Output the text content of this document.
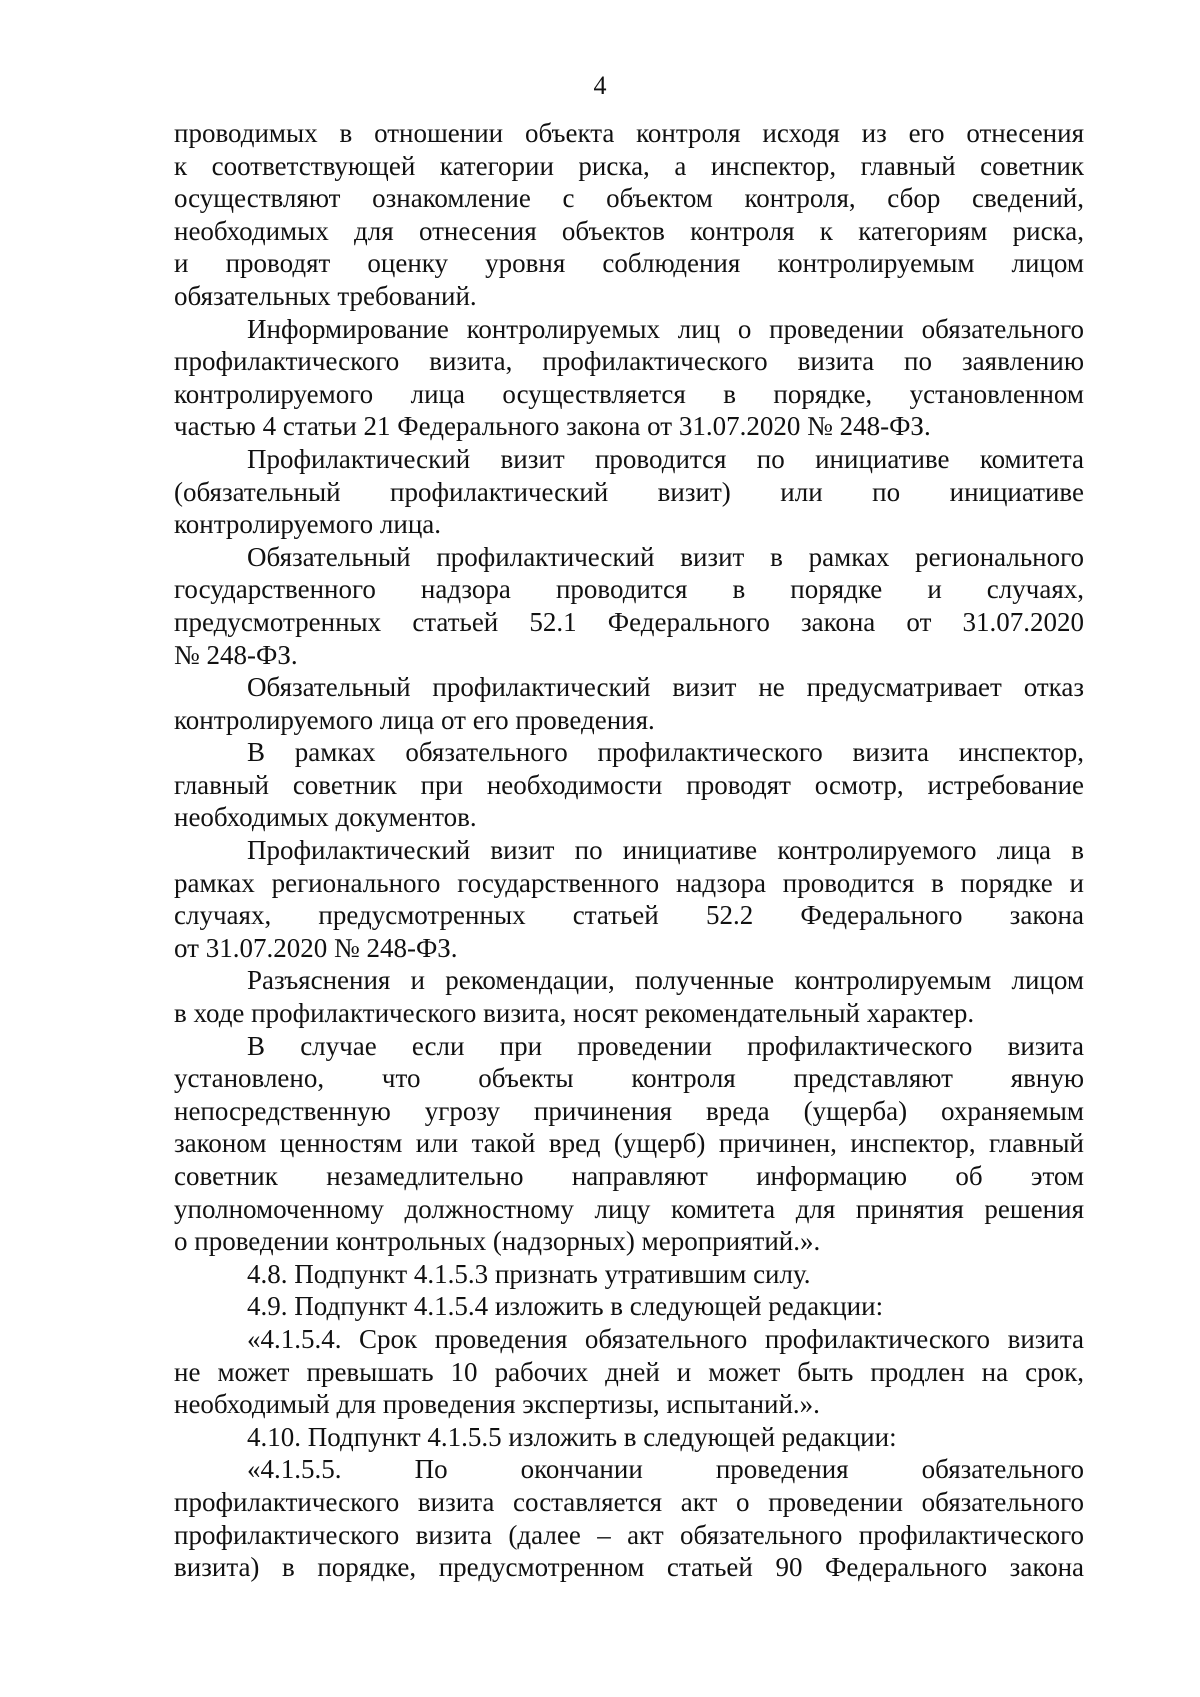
4
проводимых в отношении объекта контроля исходя из его отнесения
к соответствующей категории риска, а инспектор, главный советник
осуществляют ознакомление с объектом контроля, сбор сведений,
необходимых для отнесения объектов контроля к категориям риска,
и проводят оценку уровня соблюдения контролируемым лицом
обязательных требований.
Информирование контролируемых лиц о проведении обязательного
профилактического визита, профилактического визита по заявлению
контролируемого лица осуществляется в порядке, установленном
частью 4 статьи 21 Федерального закона от 31.07.2020 № 248-ФЗ.
Профилактический визит проводится по инициативе комитета
(обязательный профилактический визит) или по инициативе
контролируемого лица.
Обязательный профилактический визит в рамках регионального
государственного надзора проводится в порядке и случаях,
предусмотренных статьей 52.1 Федерального закона от 31.07.2020
№ 248-ФЗ.
Обязательный профилактический визит не предусматривает отказ
контролируемого лица от его проведения.
В рамках обязательного профилактического визита инспектор,
главный советник при необходимости проводят осмотр, истребование
необходимых документов.
Профилактический визит по инициативе контролируемого лица в
рамках регионального государственного надзора проводится в порядке и
случаях, предусмотренных статьей 52.2 Федерального закона
от 31.07.2020 № 248-ФЗ.
Разъяснения и рекомендации, полученные контролируемым лицом
в ходе профилактического визита, носят рекомендательный характер.
В случае если при проведении профилактического визита
установлено, что объекты контроля представляют явную
непосредственную угрозу причинения вреда (ущерба) охраняемым
законом ценностям или такой вред (ущерб) причинен, инспектор, главный
советник незамедлительно направляют информацию об этом
уполномоченному должностному лицу комитета для принятия решения
о проведении контрольных (надзорных) мероприятий.».
4.8. Подпункт 4.1.5.3 признать утратившим силу.
4.9. Подпункт 4.1.5.4 изложить в следующей редакции:
«4.1.5.4. Срок проведения обязательного профилактического визита
не может превышать 10 рабочих дней и может быть продлен на срок,
необходимый для проведения экспертизы, испытаний.».
4.10. Подпункт 4.1.5.5 изложить в следующей редакции:
«4.1.5.5. По окончании проведения обязательного
профилактического визита составляется акт о проведении обязательного
профилактического визита (далее – акт обязательного профилактического
визита) в порядке, предусмотренном статьей 90 Федерального закона
